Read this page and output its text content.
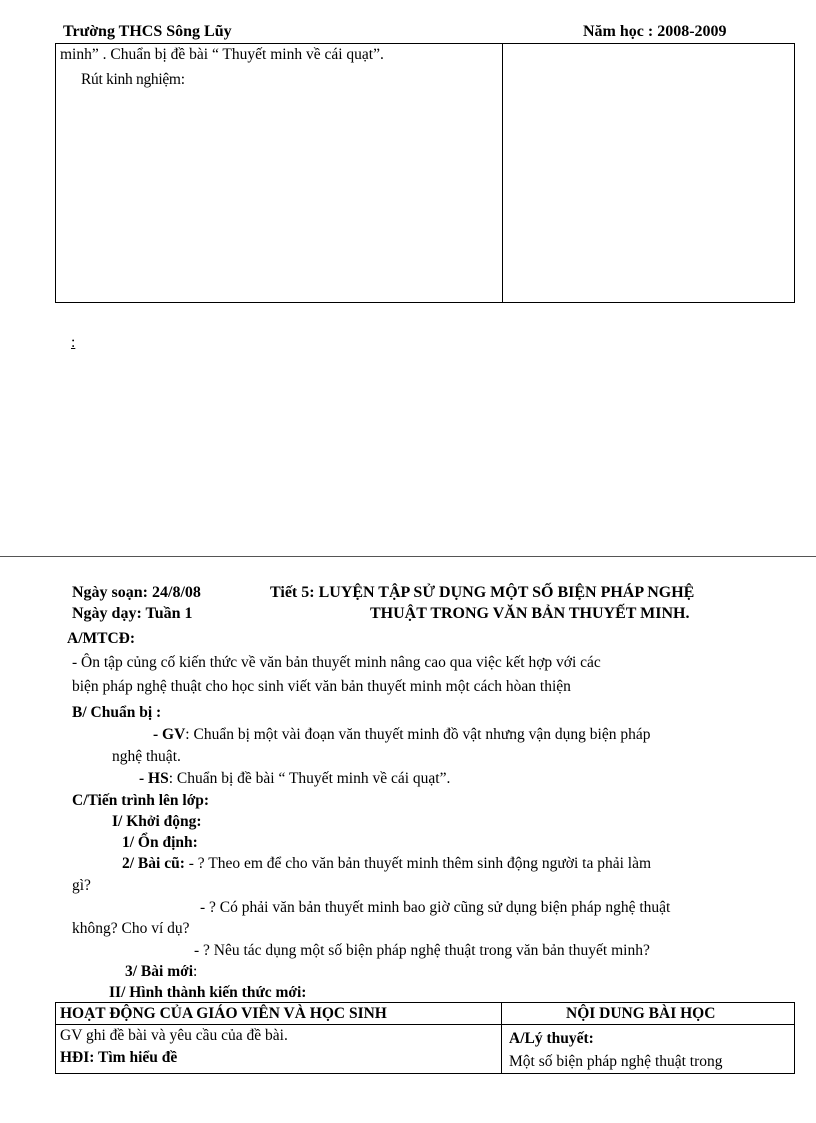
Trường THCS Sông Lũy	Năm học : 2008-2009
minh” . Chuẩn bị đề bài “ Thuyết minh về cái quạt”.
Rút kinh nghiệm:
:
Ngày soạn: 24/8/08
Ngày dạy: Tuần 1
Tiết 5: LUYỆN TẬP SỬ DỤNG MỘT SỐ BIỆN PHÁP NGHỆ
THUẬT TRONG VĂN BẢN THUYẾT MINH.
A/MTCĐ:
- Ôn tập củng cố kiến thức về văn bản thuyết minh nâng cao qua việc kết hợp với các
biện pháp nghệ thuật cho học sinh viết văn bản thuyết minh một cách hòan thiện
B/ Chuẩn bị :
- GV: Chuẩn bị một vài đoạn văn thuyết minh đồ vật nhưng vận dụng biện pháp
nghệ thuật.
- HS: Chuẩn bị đề bài “ Thuyết minh về cái quạt”.
C/Tiến trình lên lớp:
I/ Khởi động:
1/ Ổn định:
2/ Bài cũ: - ? Theo em để cho văn bản thuyết minh thêm sinh động người ta phải làm
gì?
- ? Có phải văn bản thuyết minh bao giờ cũng sử dụng biện pháp nghệ thuật
không? Cho ví dụ?
- ? Nêu tác dụng một số biện pháp nghệ thuật trong văn bản thuyết minh?
3/ Bài mới:
II/ Hình thành kiến thức mới:
HOẠT ĐỘNG CỦA GIÁO VIÊN VÀ HỌC SINH	NỘI DUNG BÀI HỌC
GV ghi đề bài và yêu cầu của đề bài.
HĐI: Tìm hiểu đề
A/Lý thuyết:
Một số biện pháp nghệ thuật trong
